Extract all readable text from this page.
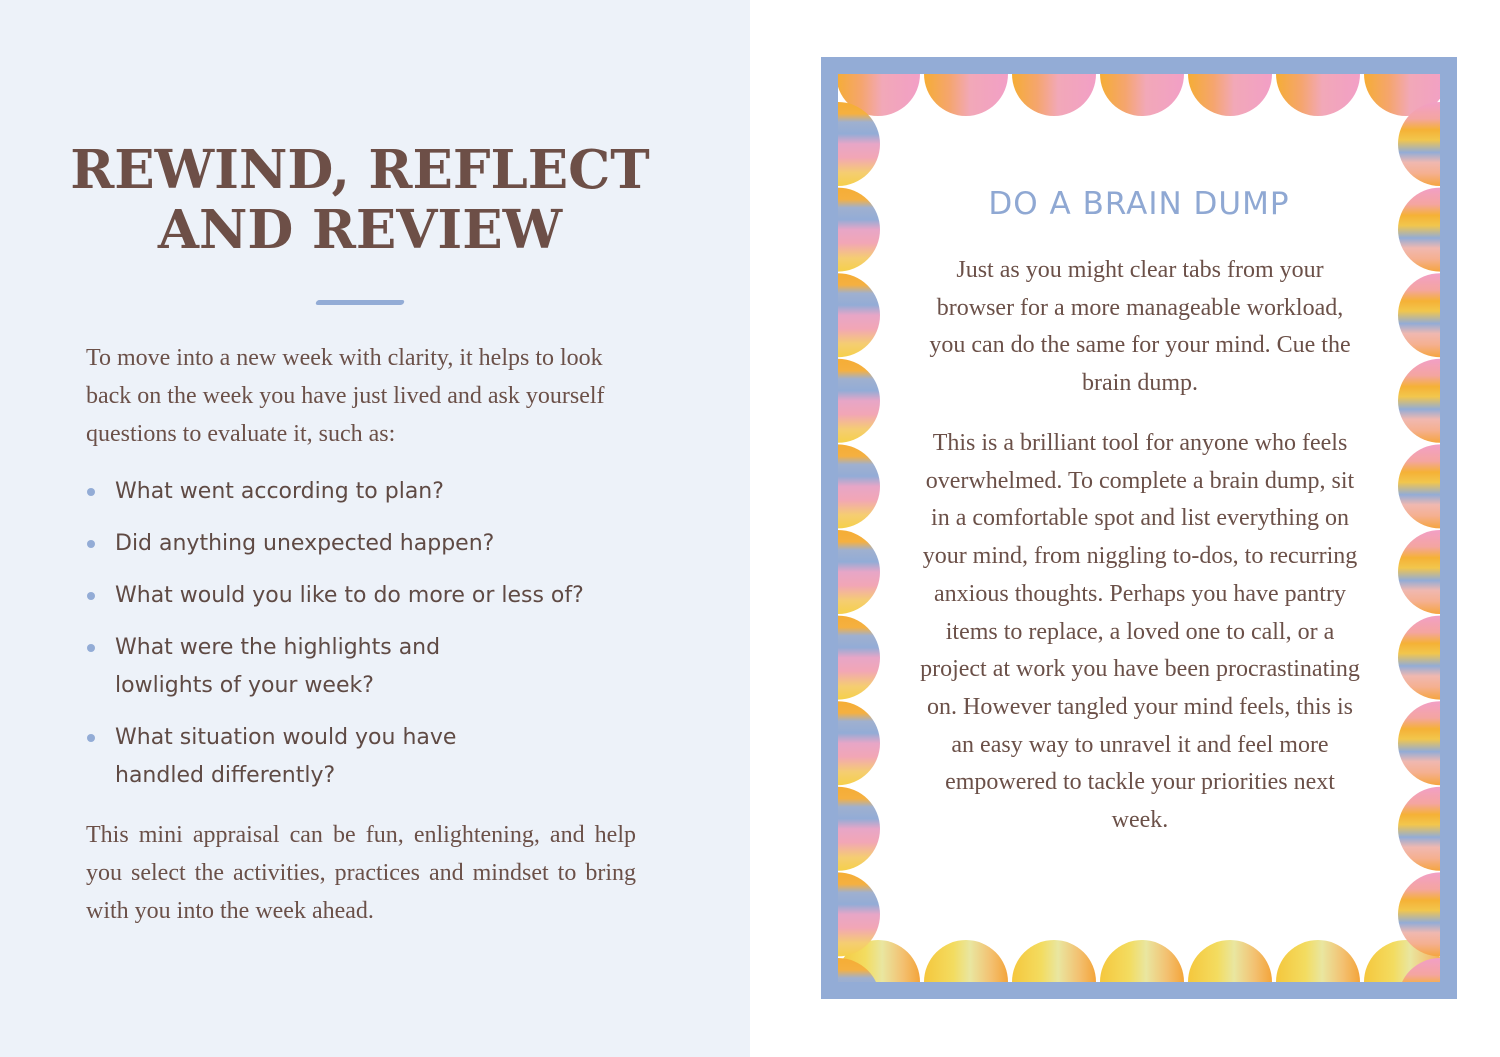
REWIND, REFLECT
AND REVIEW

To move into a new week with clarity, it helps to look back on the week you have just lived and ask yourself questions to evaluate it, such as:

What went according to plan?
Did anything unexpected happen?
What would you like to do more or less of?
What were the highlights and lowlights of your week?
What situation would you have handled differently?

This mini appraisal can be fun, enlightening, and help you select the activities, practices and mindset to bring with you into the week ahead.

DO A BRAIN DUMP

Just as you might clear tabs from your browser for a more manageable workload, you can do the same for your mind. Cue the brain dump.

This is a brilliant tool for anyone who feels overwhelmed. To complete a brain dump, sit in a comfortable spot and list everything on your mind, from niggling to-dos, to recurring anxious thoughts. Perhaps you have pantry items to replace, a loved one to call, or a project at work you have been procrastinating on. However tangled your mind feels, this is an easy way to unravel it and feel more empowered to tackle your priorities next week.
